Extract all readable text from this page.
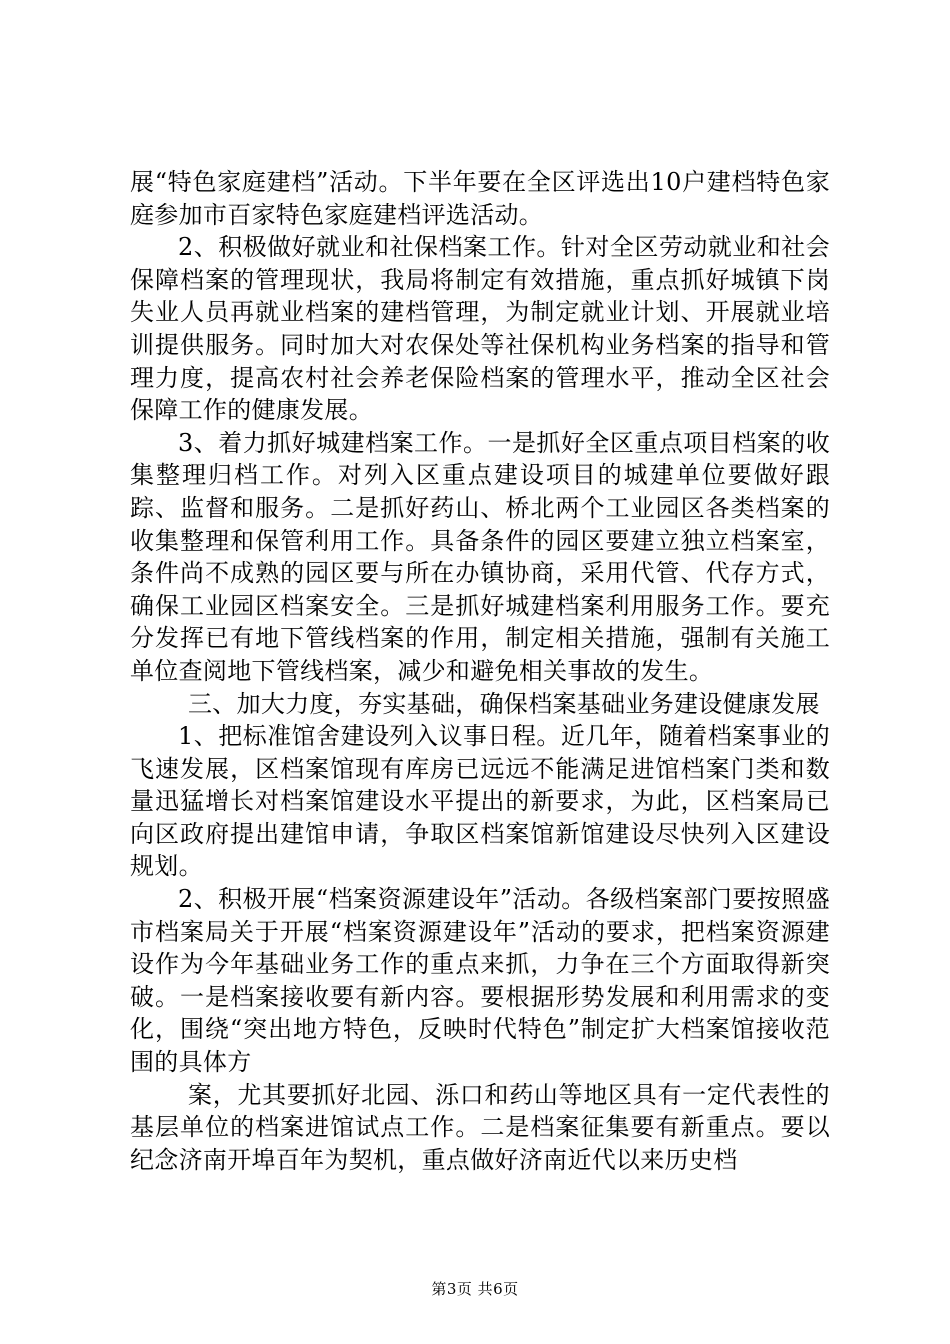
展“特色家庭建档”活动。下半年要在全区评选出10户建档特色家庭参加市百家特色家庭建档评选活动。

2、积极做好就业和社保档案工作。针对全区劳动就业和社会保障档案的管理现状，我局将制定有效措施，重点抓好城镇下岗失业人员再就业档案的建档管理，为制定就业计划、开展就业培训提供服务。同时加大对农保处等社保机构业务档案的指导和管理力度，提高农村社会养老保险档案的管理水平，推动全区社会保障工作的健康发展。

3、着力抓好城建档案工作。一是抓好全区重点项目档案的收集整理归档工作。对列入区重点建设项目的城建单位要做好跟踪、监督和服务。二是抓好药山、桥北两个工业园区各类档案的收集整理和保管利用工作。具备条件的园区要建立独立档案室，条件尚不成熟的园区要与所在办镇协商，采用代管、代存方式，确保工业园区档案安全。三是抓好城建档案利用服务工作。要充分发挥已有地下管线档案的作用，制定相关措施，强制有关施工单位查阅地下管线档案，减少和避免相关事故的发生。

三、加大力度，夯实基础，确保档案基础业务建设健康发展

1、把标准馆舍建设列入议事日程。近几年，随着档案事业的飞速发展，区档案馆现有库房已远远不能满足进馆档案门类和数量迅猛增长对档案馆建设水平提出的新要求，为此，区档案局已向区政府提出建馆申请，争取区档案馆新馆建设尽快列入区建设规划。

2、积极开展“档案资源建设年”活动。各级档案部门要按照盛市档案局关于开展“档案资源建设年”活动的要求，把档案资源建设作为今年基础业务工作的重点来抓，力争在三个方面取得新突破。一是档案接收要有新内容。要根据形势发展和利用需求的变化，围绕“突出地方特色，反映时代特色”制定扩大档案馆接收范围的具体方

案，尤其要抓好北园、泺口和药山等地区具有一定代表性的基层单位的档案进馆试点工作。二是档案征集要有新重点。要以纪念济南开埠百年为契机，重点做好济南近代以来历史档

第3页 共6页
